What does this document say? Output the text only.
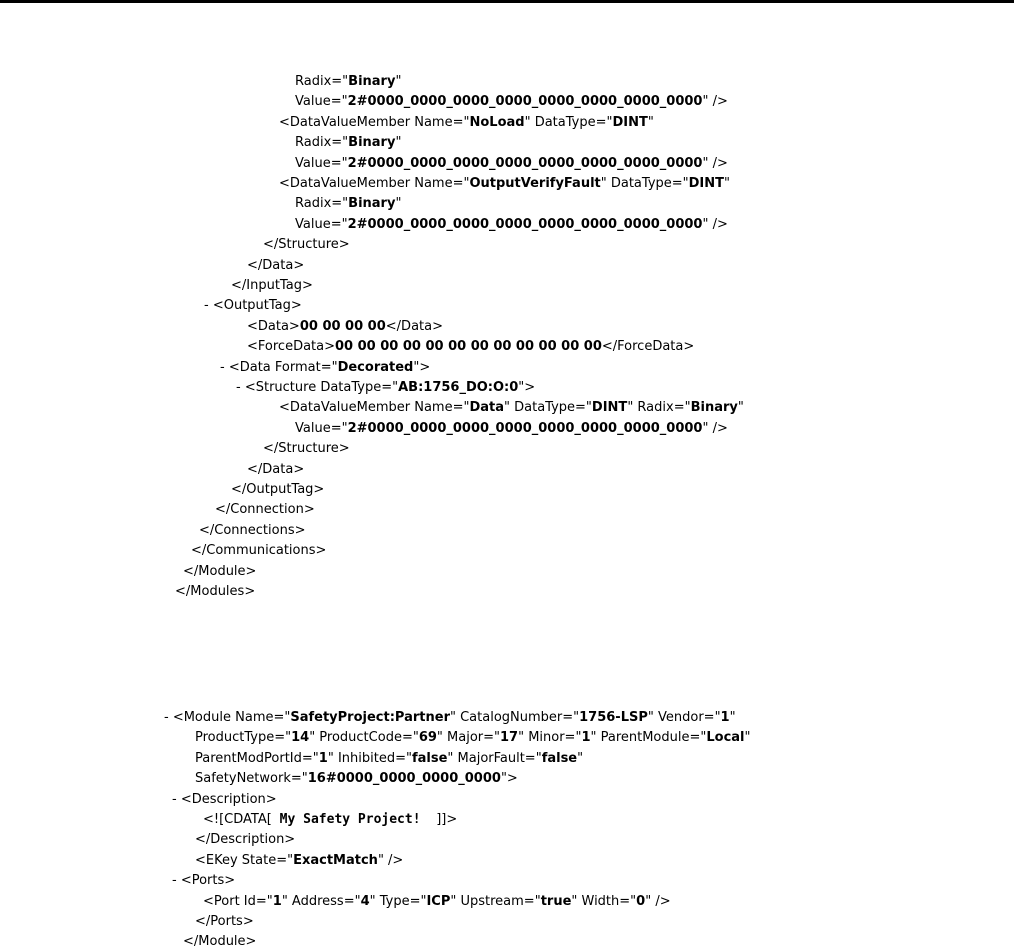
Radix="Binary"
Value="2#0000_0000_0000_0000_0000_0000_0000_0000" />
<DataValueMember Name="NoLoad" DataType="DINT"
Radix="Binary"
Value="2#0000_0000_0000_0000_0000_0000_0000_0000" />
<DataValueMember Name="OutputVerifyFault" DataType="DINT"
Radix="Binary"
Value="2#0000_0000_0000_0000_0000_0000_0000_0000" />
</Structure>
</Data>
</InputTag>
- <OutputTag>
<Data>00 00 00 00</Data>
<ForceData>00 00 00 00 00 00 00 00 00 00 00 00</ForceData>
- <Data Format="Decorated">
- <Structure DataType="AB:1756_DO:O:0">
<DataValueMember Name="Data" DataType="DINT" Radix="Binary"
Value="2#0000_0000_0000_0000_0000_0000_0000_0000" />
</Structure>
</Data>
</OutputTag>
</Connection>
</Connections>
</Communications>
</Module>
</Modules>
- <Module Name="SafetyProject:Partner" CatalogNumber="1756-LSP" Vendor="1"
ProductType="14" ProductCode="69" Major="17" Minor="1" ParentModule="Local"
ParentModPortId="1" Inhibited="false" MajorFault="false"
SafetyNetwork="16#0000_0000_0000_0000">
- <Description>
<![CDATA[ My Safety Project!  ]]>
</Description>
<EKey State="ExactMatch" />
- <Ports>
<Port Id="1" Address="4" Type="ICP" Upstream="true" Width="0" />
</Ports>
</Module>
